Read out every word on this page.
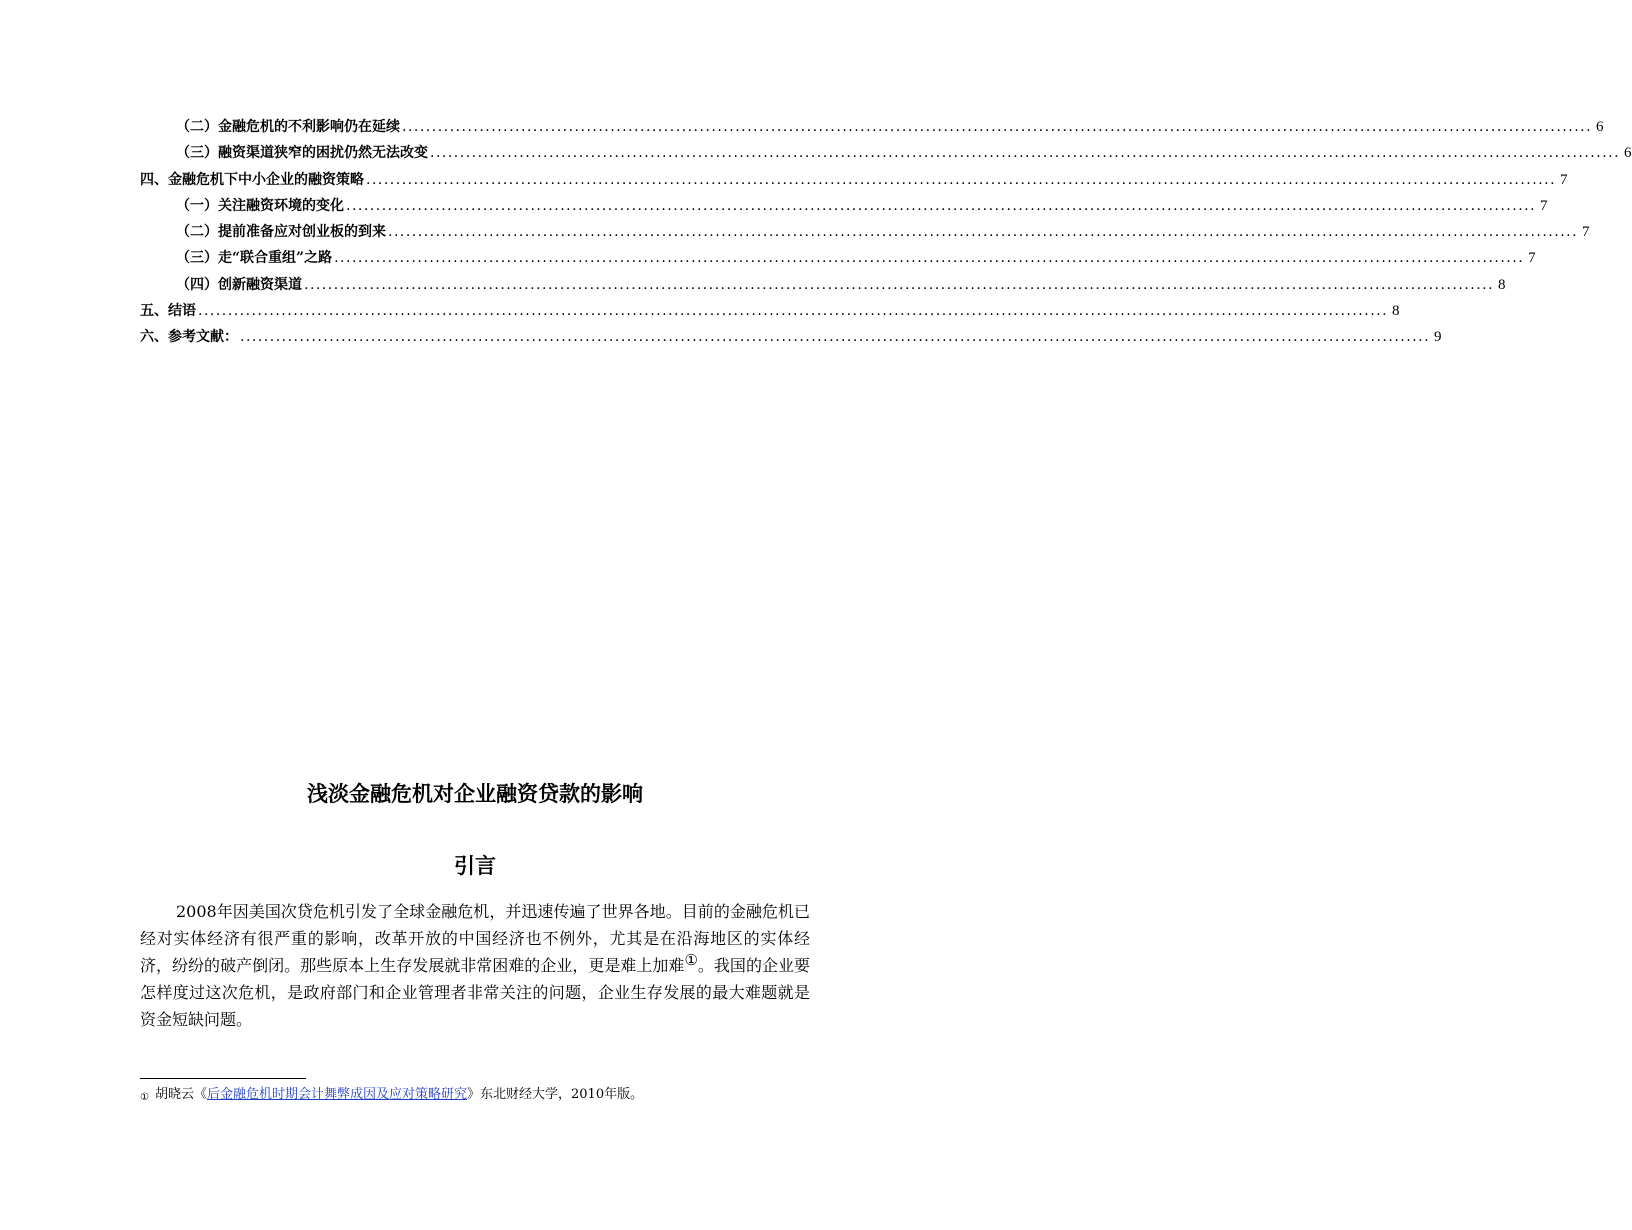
（二）金融危机的不利影响仍在延续 ........................................................................................................................................................................................................ 6
（三）融资渠道狭窄的困扰仍然无法改变 ........................................................................................................................................................................................................ 6
四、金融危机下中小企业的融资策略 ........................................................................................................................................................................................................ 7
（一）关注融资环境的变化 ........................................................................................................................................................................................................ 7
（二）提前准备应对创业板的到来 ........................................................................................................................................................................................................ 7
（三）走“联合重组”之路 ........................................................................................................................................................................................................ 7
（四）创新融资渠道 ........................................................................................................................................................................................................ 8
五、结语 ........................................................................................................................................................................................................ 8
六、参考文献： ........................................................................................................................................................................................................ 9
浅淡金融危机对企业融资贷款的影响
引言

2008年因美国次贷危机引发了全球金融危机，并迅速传遍了世界各地。目前的金融危机已经对实体经济有很严重的影响，改革开放的中国经济也不例外，尤其是在沿海地区的实体经济，纷纷的破产倒闭。那些原本上生存发展就非常困难的企业，更是难上加难①。我国的企业要怎样度过这次危机，是政府部门和企业管理者非常关注的问题，企业生存发展的最大难题就是资金短缺问题。

① 胡晓云《后金融危机时期会计舞弊成因及应对策略研究》东北财经大学，2010年版。
